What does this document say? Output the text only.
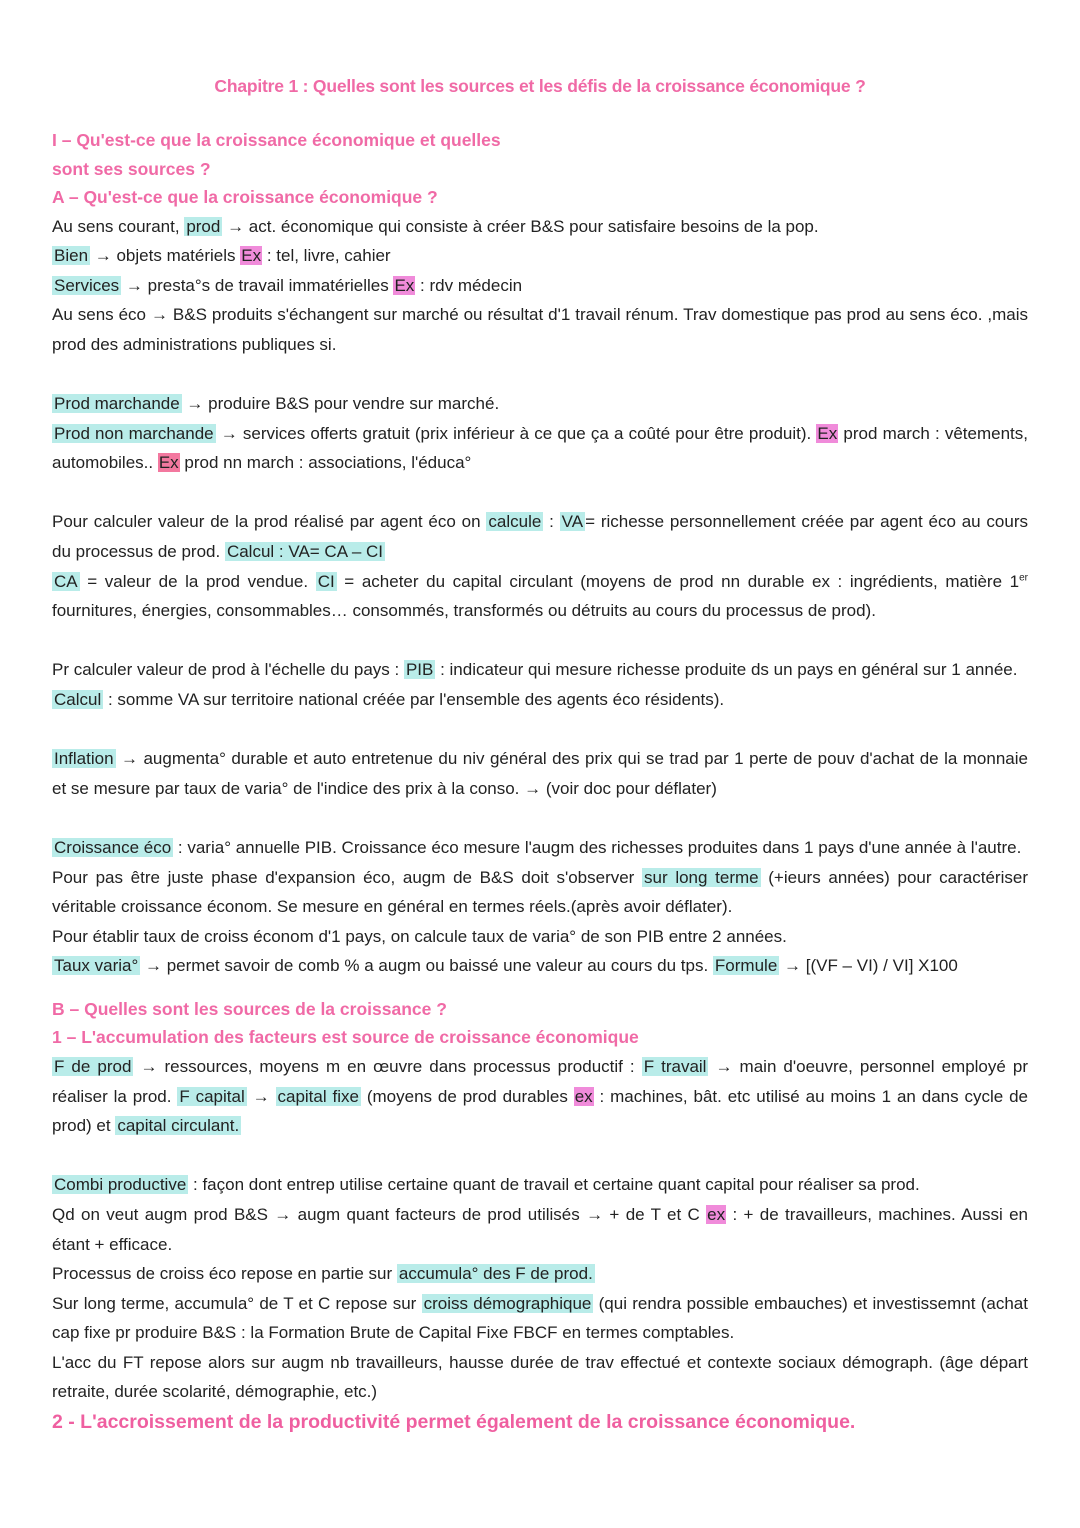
Chapitre 1 : Quelles sont les sources et les défis de la croissance économique ?
I – Qu'est-ce que la croissance économique et quelles sont ses sources ?
A – Qu'est-ce que la croissance économique ?

Au sens courant, prod → act. économique qui consiste à créer B&S pour satisfaire besoins de la pop.

Bien → objets matériels Ex : tel, livre, cahier

Services → presta°s de travail immatérielles Ex : rdv médecin

Au sens éco → B&S produits s'échangent sur marché ou résultat d'1 travail rénum. Trav domestique pas prod au sens éco. ,mais prod des administrations publiques si.

Prod marchande → produire B&S pour vendre sur marché.

Prod non marchande → services offerts gratuit (prix inférieur à ce que ça a coûté pour être produit). Ex prod march : vêtements, automobiles.. Ex prod nn march : associations, l'éduca°

Pour calculer valeur de la prod réalisé par agent éco on calcule : VA = richesse personnellement créée par agent éco au cours du processus de prod. Calcul : VA= CA – CI

CA = valeur de la prod vendue. CI = acheter du capital circulant (moyens de prod nn durable ex : ingrédients, matière 1er fournitures, énergies, consommables… consommés, transformés ou détruits au cours du processus de prod).

Pr calculer valeur de prod à l'échelle du pays : PIB : indicateur qui mesure richesse produite ds un pays en général sur 1 année.

Calcul : somme VA sur territoire national créée par l'ensemble des agents éco résidents).

Inflation → augmenta° durable et auto entretenue du niv général des prix qui se trad par 1 perte de pouv d'achat de la monnaie et se mesure par taux de varia° de l'indice des prix à la conso. → (voir doc pour déflater)

Croissance éco : varia° annuelle PIB. Croissance éco mesure l'augm des richesses produites dans 1 pays d'une année à l'autre.

Pour pas être juste phase d'expansion éco, augm de B&S doit s'observer sur long terme (+ieurs années) pour caractériser véritable croissance économ. Se mesure en général en termes réels.(après avoir déflater).

Pour établir taux de croiss économ d'1 pays, on calcule taux de varia° de son PIB entre 2 années.

Taux varia° → permet savoir de comb % a augm ou baissé une valeur au cours du tps. Formule → [(VF – VI) / VI] X100

B – Quelles sont les sources de la croissance ?
1 – L'accumulation des facteurs est source de croissance économique

F de prod → ressources, moyens m en œuvre dans processus productif : F travail → main d'oeuvre, personnel employé pr réaliser la prod. F capital → capital fixe (moyens de prod durables ex : machines, bât. etc utilisé au moins 1 an dans cycle de prod) et capital circulant.

Combi productive : façon dont entrep utilise certaine quant de travail et certaine quant capital pour réaliser sa prod.

Qd on veut augm prod B&S → augm quant facteurs de prod utilisés → + de T et C ex : + de travailleurs, machines. Aussi en étant + efficace.

Processus de croiss éco repose en partie sur accumula° des F de prod.

Sur long terme, accumula° de T et C repose sur croiss démographique (qui rendra possible embauches) et investissemnt (achat cap fixe pr produire B&S : la Formation Brute de Capital Fixe FBCF en termes comptables.

L'acc du FT repose alors sur augm nb travailleurs, hausse durée de trav effectué et contexte sociaux démograph. (âge départ retraite, durée scolarité, démographie, etc.)

2 - L'accroissement de la productivité permet également de la croissance économique.
